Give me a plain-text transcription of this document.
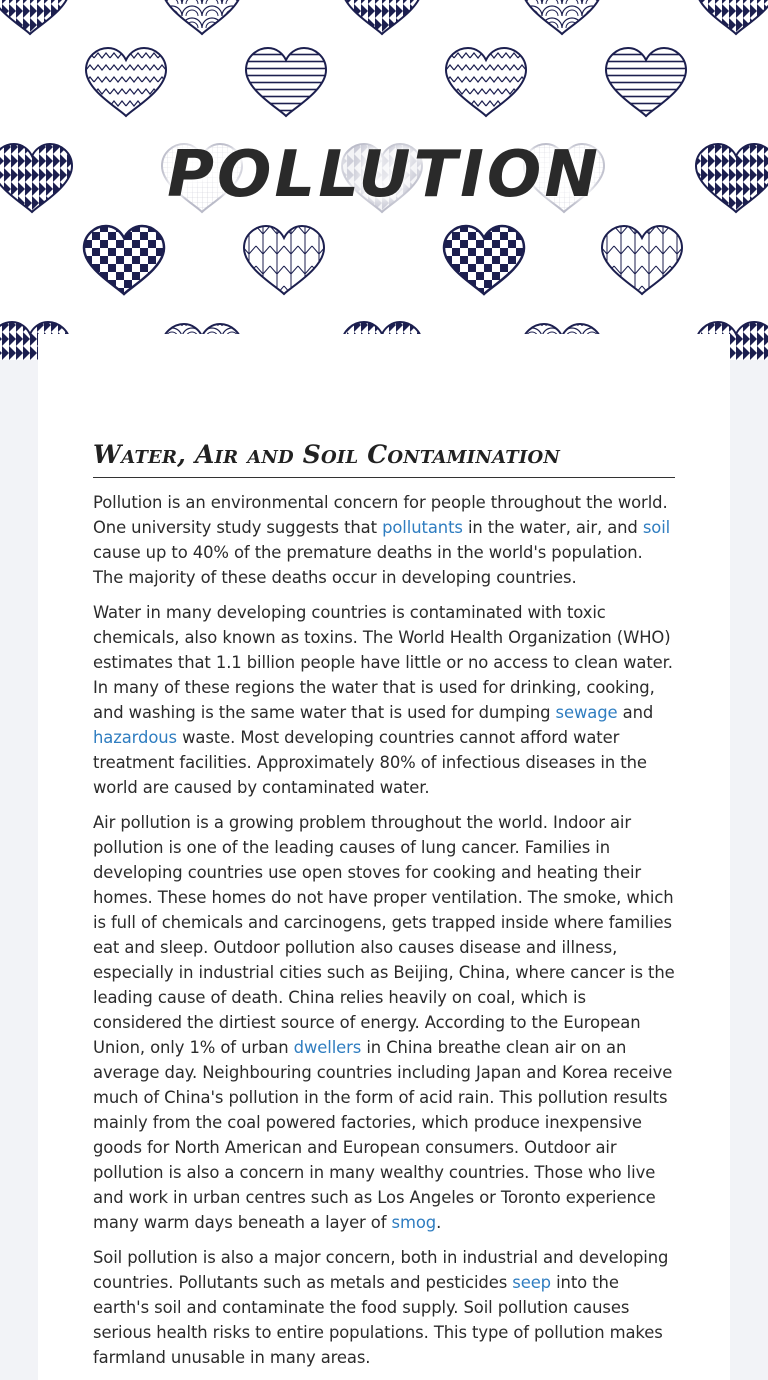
POLLUTION
Water, Air and Soil Contamination

Pollution is an environmental concern for people throughout the world. One university study suggests that pollutants in the water, air, and soil cause up to 40% of the premature deaths in the world's population. The majority of these deaths occur in developing countries.

Water in many developing countries is contaminated with toxic chemicals, also known as toxins. The World Health Organization (WHO) estimates that 1.1 billion people have little or no access to clean water. In many of these regions the water that is used for drinking, cooking, and washing is the same water that is used for dumping sewage and hazardous waste. Most developing countries cannot afford water treatment facilities. Approximately 80% of infectious diseases in the world are caused by contaminated water.

Air pollution is a growing problem throughout the world. Indoor air pollution is one of the leading causes of lung cancer. Families in developing countries use open stoves for cooking and heating their homes. These homes do not have proper ventilation. The smoke, which is full of chemicals and carcinogens, gets trapped inside where families eat and sleep. Outdoor pollution also causes disease and illness, especially in industrial cities such as Beijing, China, where cancer is the leading cause of death. China relies heavily on coal, which is considered the dirtiest source of energy. According to the European Union, only 1% of urban dwellers in China breathe clean air on an average day. Neighbouring countries including Japan and Korea receive much of China's pollution in the form of acid rain. This pollution results mainly from the coal powered factories, which produce inexpensive goods for North American and European consumers. Outdoor air pollution is also a concern in many wealthy countries. Those who live and work in urban centres such as Los Angeles or Toronto experience many warm days beneath a layer of smog.

Soil pollution is also a major concern, both in industrial and developing countries. Pollutants such as metals and pesticides seep into the earth's soil and contaminate the food supply. Soil pollution causes serious health risks to entire populations. This type of pollution makes farmland unusable in many areas.
